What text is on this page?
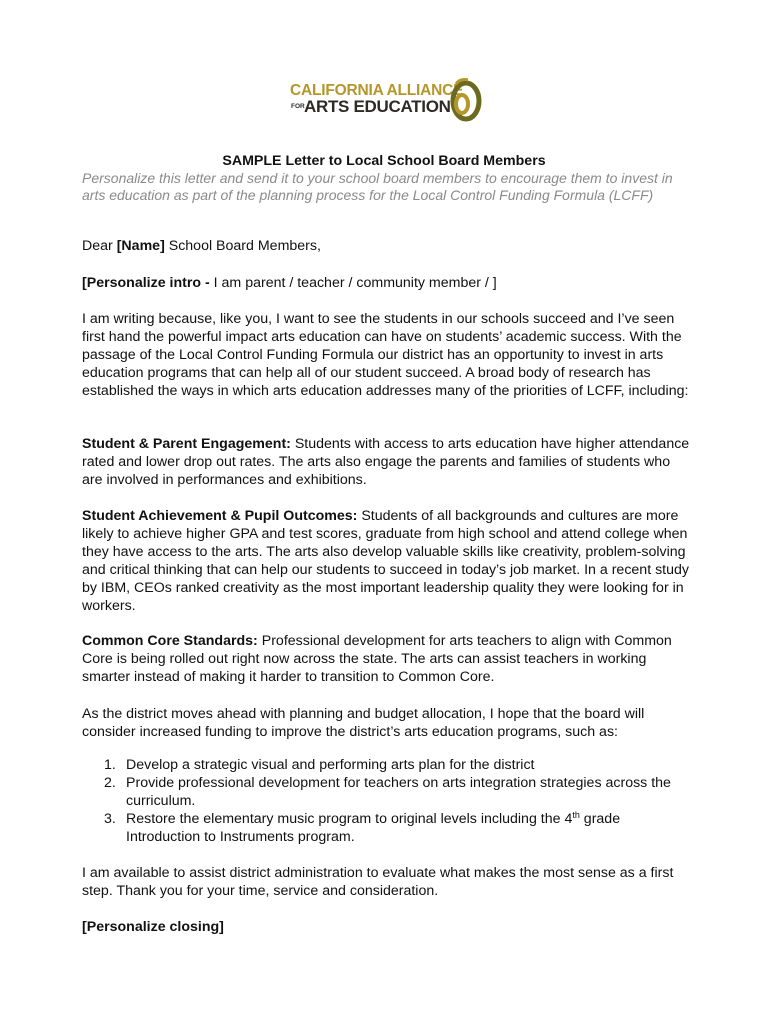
CALIFORNIA ALLIANCE
FOR ARTS EDUCATION
SAMPLE Letter to Local School Board Members
Personalize this letter and send it to your school board members to encourage them to invest in arts education as part of the planning process for the Local Control Funding Formula (LCFF)
Dear [Name] School Board Members,
[Personalize intro - I am parent / teacher / community member / ]
I am writing because, like you, I want to see the students in our schools succeed and I’ve seen first hand the powerful impact arts education can have on students’ academic success. With the passage of the Local Control Funding Formula our district has an opportunity to invest in arts education programs that can help all of our student succeed. A broad body of research has established the ways in which arts education addresses many of the priorities of LCFF, including:
Student & Parent Engagement: Students with access to arts education have higher attendance rated and lower drop out rates. The arts also engage the parents and families of students who are involved in performances and exhibitions.
Student Achievement & Pupil Outcomes: Students of all backgrounds and cultures are more likely to achieve higher GPA and test scores, graduate from high school and attend college when they have access to the arts. The arts also develop valuable skills like creativity, problem-solving and critical thinking that can help our students to succeed in today’s job market. In a recent study by IBM, CEOs ranked creativity as the most important leadership quality they were looking for in workers.
Common Core Standards: Professional development for arts teachers to align with Common Core is being rolled out right now across the state. The arts can assist teachers in working smarter instead of making it harder to transition to Common Core.
As the district moves ahead with planning and budget allocation, I hope that the board will consider increased funding to improve the district’s arts education programs, such as:
1. Develop a strategic visual and performing arts plan for the district
2. Provide professional development for teachers on arts integration strategies across the curriculum.
3. Restore the elementary music program to original levels including the 4th grade Introduction to Instruments program.
I am available to assist district administration to evaluate what makes the most sense as a first step. Thank you for your time, service and consideration.
[Personalize closing]
